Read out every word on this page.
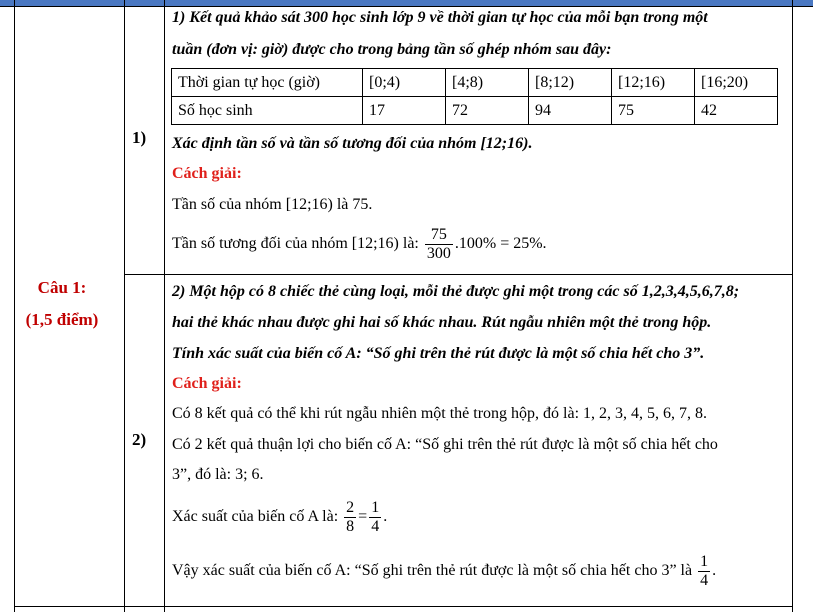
Câu 1:
(1,5 điểm)
1)
1) Kết quả khảo sát 300 học sinh lớp 9 về thời gian tự học của mỗi bạn trong một
tuần (đơn vị: giờ) được cho trong bảng tần số ghép nhóm sau đây:
Thời gian tự học (giờ)	[0;4)	[4;8)	[8;12)	[12;16)	[16;20)
Số học sinh	17	72	94	75	42
Xác định tần số và tần số tương đối của nhóm [12;16).
Cách giải:
Tần số của nhóm [12;16) là 75.
Tần số tương đối của nhóm [12;16) là: $\frac{75}{300} .100\% = 25\%$.
2)
2) Một hộp có 8 chiếc thẻ cùng loại, mỗi thẻ được ghi một trong các số 1,2,3,4,5,6,7,8;
hai thẻ khác nhau được ghi hai số khác nhau. Rút ngẫu nhiên một thẻ trong hộp.
Tính xác suất của biến cố A: “Số ghi trên thẻ rút được là một số chia hết cho 3”.
Cách giải:
Có 8 kết quả có thể khi rút ngẫu nhiên một thẻ trong hộp, đó là: 1, 2, 3, 4, 5, 6, 7, 8.
Có 2 kết quả thuận lợi cho biến cố A: “Số ghi trên thẻ rút được là một số chia hết cho
3”, đó là: 3; 6.
Xác suất của biến cố A là: $\frac{2}{8} = \frac{1}{4}$ .
Vậy xác suất của biến cố A: “Số ghi trên thẻ rút được là một số chia hết cho 3” là $\frac{1}{4}$ .
